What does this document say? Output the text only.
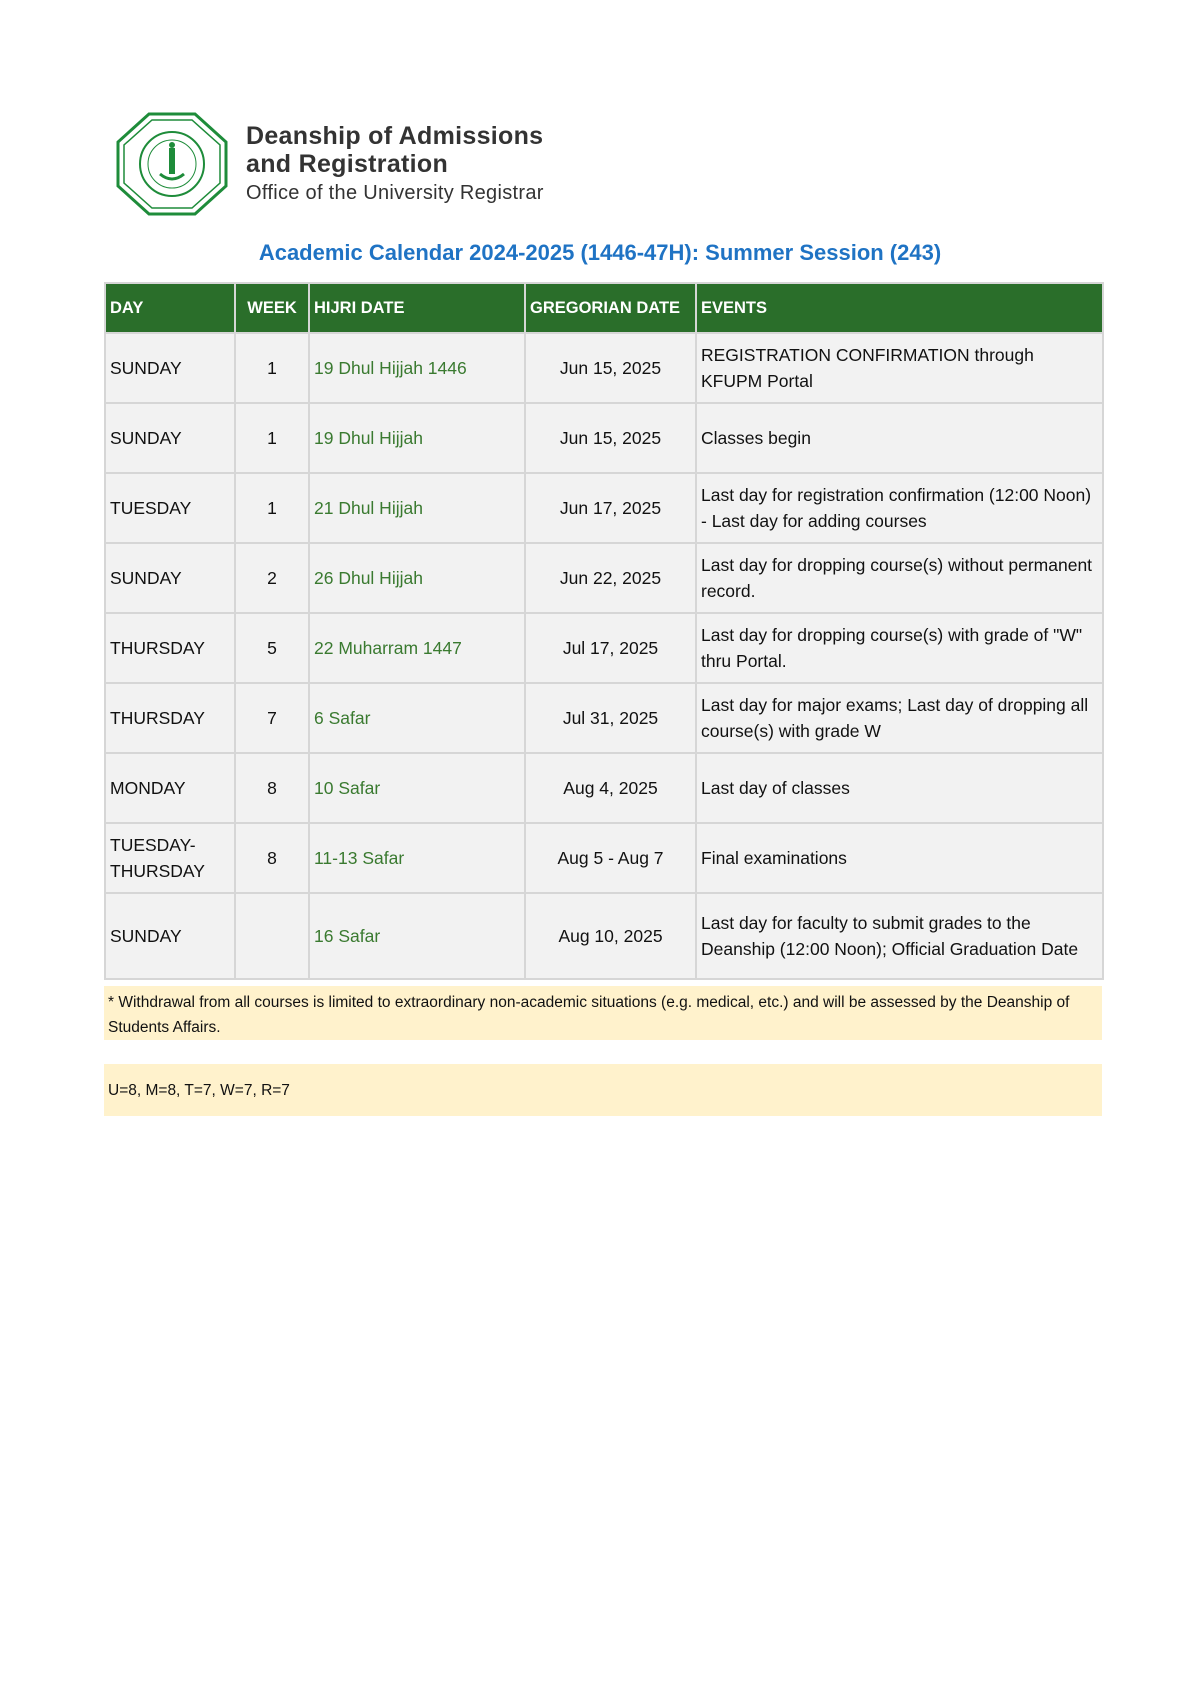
Deanship of Admissions
and Registration
Office of the University Registrar
Academic Calendar 2024-2025 (1446-47H): Summer Session (243)
DAY	WEEK	HIJRI DATE	GREGORIAN DATE	EVENTS
SUNDAY	1	19 Dhul Hijjah 1446	Jun 15, 2025	REGISTRATION CONFIRMATION through KFUPM Portal
SUNDAY	1	19 Dhul Hijjah	Jun 15, 2025	Classes begin
TUESDAY	1	21 Dhul Hijjah	Jun 17, 2025	Last day for registration confirmation (12:00 Noon) - Last day for adding courses
SUNDAY	2	26 Dhul Hijjah	Jun 22, 2025	Last day for dropping course(s) without permanent record.
THURSDAY	5	22 Muharram 1447	Jul 17, 2025	Last day for dropping course(s) with grade of "W" thru Portal.
THURSDAY	7	6 Safar	Jul 31, 2025	Last day for major exams; Last day of dropping all course(s) with grade W
MONDAY	8	10 Safar	Aug 4, 2025	Last day of classes
TUESDAY-THURSDAY	8	11-13 Safar	Aug 5 - Aug 7	Final examinations
SUNDAY		16 Safar	Aug 10, 2025	Last day for faculty to submit grades to the Deanship (12:00 Noon); Official Graduation Date
* Withdrawal from all courses is limited to extraordinary non-academic situations (e.g. medical, etc.) and will be assessed by the Deanship of Students Affairs.
U=8, M=8, T=7, W=7, R=7
